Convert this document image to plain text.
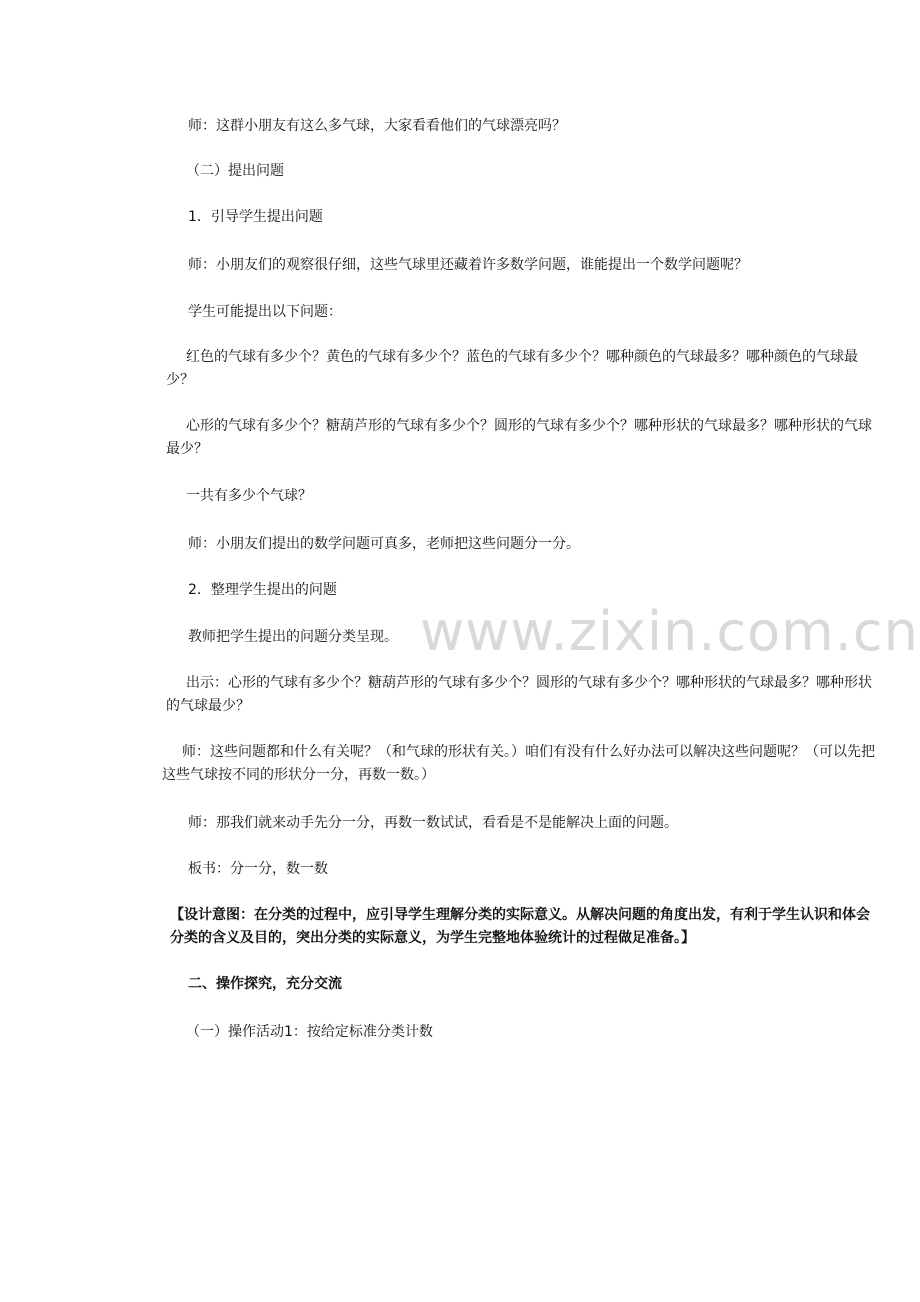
师：这群小朋友有这么多气球，大家看看他们的气球漂亮吗？
（二）提出问题
1．引导学生提出问题
师：小朋友们的观察很仔细，这些气球里还藏着许多数学问题，谁能提出一个数学问题呢？
学生可能提出以下问题：
红色的气球有多少个？黄色的气球有多少个？蓝色的气球有多少个？哪种颜色的气球最多？哪种颜色的气球最少？
心形的气球有多少个？糖葫芦形的气球有多少个？圆形的气球有多少个？哪种形状的气球最多？哪种形状的气球最少？
一共有多少个气球？
师：小朋友们提出的数学问题可真多，老师把这些问题分一分。
2．整理学生提出的问题
教师把学生提出的问题分类呈现。
出示：心形的气球有多少个？糖葫芦形的气球有多少个？圆形的气球有多少个？哪种形状的气球最多？哪种形状的气球最少？
师：这些问题都和什么有关呢？（和气球的形状有关。）咱们有没有什么好办法可以解决这些问题呢？（可以先把这些气球按不同的形状分一分，再数一数。）
师：那我们就来动手先分一分，再数一数试试，看看是不是能解决上面的问题。
板书：分一分，数一数
【设计意图：在分类的过程中，应引导学生理解分类的实际意义。从解决问题的角度出发，有利于学生认识和体会分类的含义及目的，突出分类的实际意义，为学生完整地体验统计的过程做足准备。】
二、操作探究，充分交流
（一）操作活动1：按给定标准分类计数
www.zixin.com.cn
